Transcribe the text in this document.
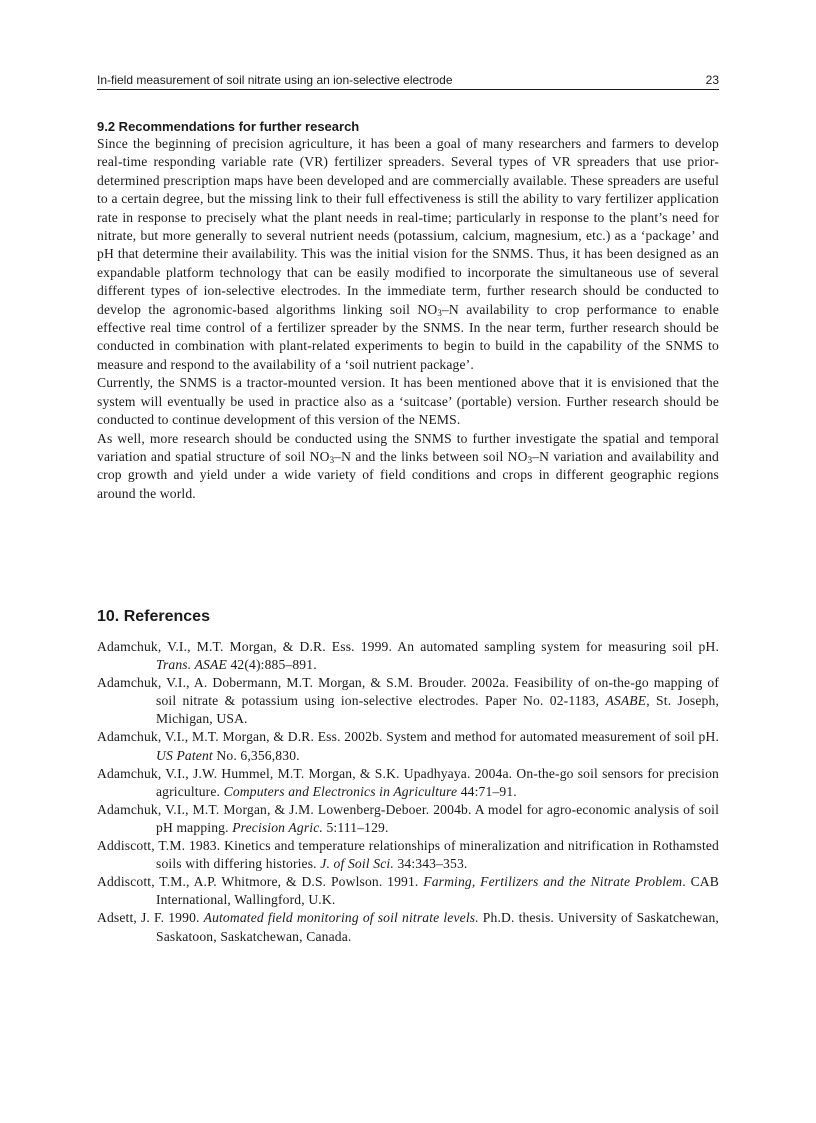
In-field measurement of soil nitrate using an ion-selective electrode	23
9.2 Recommendations for further research

Since the beginning of precision agriculture, it has been a goal of many researchers and farmers to develop real-time responding variable rate (VR) fertilizer spreaders. Several types of VR spreaders that use prior-determined prescription maps have been developed and are commercially available. These spreaders are useful to a certain degree, but the missing link to their full effectiveness is still the ability to vary fertilizer application rate in response to precisely what the plant needs in real-time; particularly in response to the plant’s need for nitrate, but more generally to several nutrient needs (potassium, calcium, magnesium, etc.) as a ‘package’ and pH that determine their availability. This was the initial vision for the SNMS. Thus, it has been designed as an expandable platform technology that can be easily modified to incorporate the simultaneous use of several different types of ion-selective electrodes. In the immediate term, further research should be conducted to develop the agronomic-based algorithms linking soil $NO_3-N$ availability to crop performance to enable effective real time control of a fertilizer spreader by the SNMS. In the near term, further research should be conducted in combination with plant-related experiments to begin to build in the capability of the SNMS to measure and respond to the availability of a ‘soil nutrient package’.

Currently, the SNMS is a tractor-mounted version. It has been mentioned above that it is envisioned that the system will eventually be used in practice also as a ‘suitcase’ (portable) version. Further research should be conducted to continue development of this version of the NEMS.

As well, more research should be conducted using the SNMS to further investigate the spatial and temporal variation and spatial structure of soil $NO_3-N$ and the links between soil $NO_3-N$ variation and availability and crop growth and yield under a wide variety of field conditions and crops in different geographic regions around the world.

10. References

Adamchuk, V.I., M.T. Morgan, & D.R. Ess. 1999. An automated sampling system for measuring soil pH. Trans. ASAE 42(4):885–891.

Adamchuk, V.I., A. Dobermann, M.T. Morgan, & S.M. Brouder. 2002a. Feasibility of on-the-go mapping of soil nitrate & potassium using ion-selective electrodes. Paper No. 02-1183, ASABE, St. Joseph, Michigan, USA.

Adamchuk, V.I., M.T. Morgan, & D.R. Ess. 2002b. System and method for automated measurement of soil pH. US Patent No. 6,356,830.

Adamchuk, V.I., J.W. Hummel, M.T. Morgan, & S.K. Upadhyaya. 2004a. On-the-go soil sensors for precision agriculture. Computers and Electronics in Agriculture 44:71–91.

Adamchuk, V.I., M.T. Morgan, & J.M. Lowenberg-Deboer. 2004b. A model for agro-economic analysis of soil pH mapping. Precision Agric. 5:111–129.

Addiscott, T.M. 1983. Kinetics and temperature relationships of mineralization and nitrification in Rothamsted soils with differing histories. J. of Soil Sci. 34:343–353.

Addiscott, T.M., A.P. Whitmore, & D.S. Powlson. 1991. Farming, Fertilizers and the Nitrate Problem. CAB International, Wallingford, U.K.

Adsett, J. F. 1990. Automated field monitoring of soil nitrate levels. Ph.D. thesis. University of Saskatchewan, Saskatoon, Saskatchewan, Canada.
